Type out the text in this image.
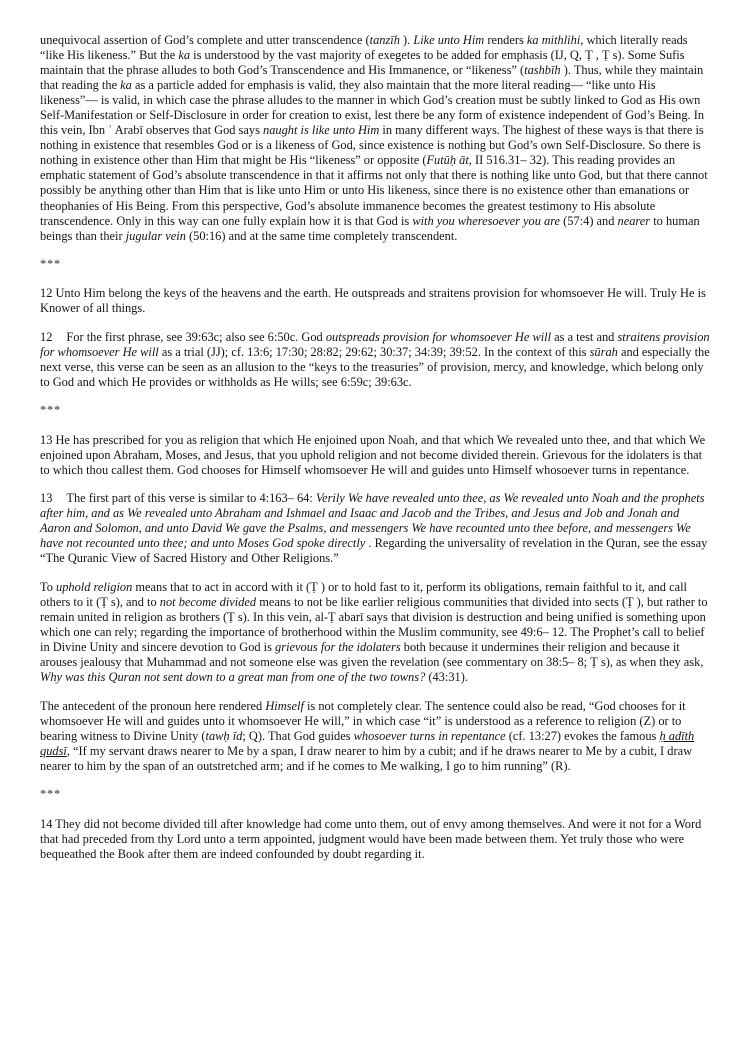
unequivocal assertion of God’s complete and utter transcendence (tanzīh ). Like unto Him renders ka mithlihi, which literally reads “like His likeness.” But the ka is understood by the vast majority of exegetes to be added for emphasis (IJ, Q, Ṭ , Ṭ s). Some Sufis maintain that the phrase alludes to both God’s Transcendence and His Immanence, or “likeness” (tashbīh ). Thus, while they maintain that reading the ka as a particle added for emphasis is valid, they also maintain that the more literal reading— “like unto His likeness”— is valid, in which case the phrase alludes to the manner in which God’s creation must be subtly linked to God as His own Self-Manifestation or Self-Disclosure in order for creation to exist, lest there be any form of existence independent of God’s Being. In this vein, Ibn ʿ Arabī observes that God says naught is like unto Him in many different ways. The highest of these ways is that there is nothing in existence that resembles God or is a likeness of God, since existence is nothing but God’s own Self-Disclosure. So there is nothing in existence other than Him that might be His “likeness” or opposite (Futūḥ āt, II 516.31– 32). This reading provides an emphatic statement of God’s absolute transcendence in that it affirms not only that there is nothing like unto God, but that there cannot possibly be anything other than Him that is like unto Him or unto His likeness, since there is no existence other than emanations or theophanies of His Being. From this perspective, God’s absolute immanence becomes the greatest testimony to His absolute transcendence. Only in this way can one fully explain how it is that God is with you wheresoever you are (57:4) and nearer to human beings than their jugular vein (50:16) and at the same time completely transcendent.
***
12 Unto Him belong the keys of the heavens and the earth. He outspreads and straitens provision for whomsoever He will. Truly He is Knower of all things.
12 For the first phrase, see 39:63c; also see 6:50c. God outspreads provision for whomsoever He will as a test and straitens provision for whomsoever He will as a trial (JJ); cf. 13:6; 17:30; 28:82; 29:62; 30:37; 34:39; 39:52. In the context of this sūrah and especially the next verse, this verse can be seen as an allusion to the “keys to the treasuries” of provision, mercy, and knowledge, which belong only to God and which He provides or withholds as He wills; see 6:59c; 39:63c.
***
13 He has prescribed for you as religion that which He enjoined upon Noah, and that which We revealed unto thee, and that which We enjoined upon Abraham, Moses, and Jesus, that you uphold religion and not become divided therein. Grievous for the idolaters is that to which thou callest them. God chooses for Himself whomsoever He will and guides unto Himself whosoever turns in repentance.
13 The first part of this verse is similar to 4:163– 64: Verily We have revealed unto thee, as We revealed unto Noah and the prophets after him, and as We revealed unto Abraham and Ishmael and Isaac and Jacob and the Tribes, and Jesus and Job and Jonah and Aaron and Solomon, and unto David We gave the Psalms, and messengers We have recounted unto thee before, and messengers We have not recounted unto thee; and unto Moses God spoke directly . Regarding the universality of revelation in the Quran, see the essay “The Quranic View of Sacred History and Other Religions.”
To uphold religion means that to act in accord with it (Ṭ ) or to hold fast to it, perform its obligations, remain faithful to it, and call others to it (Ṭ s), and to not become divided means to not be like earlier religious communities that divided into sects (Ṭ ), but rather to remain united in religion as brothers (Ṭ s). In this vein, al-Ṭ abarī says that division is destruction and being unified is something upon which one can rely; regarding the importance of brotherhood within the Muslim community, see 49:6– 12. The Prophet’s call to belief in Divine Unity and sincere devotion to God is grievous for the idolaters both because it undermines their religion and because it arouses jealousy that Muhammad and not someone else was given the revelation (see commentary on 38:5– 8; Ṭ s), as when they ask, Why was this Quran not sent down to a great man from one of the two towns? (43:31).
The antecedent of the pronoun here rendered Himself is not completely clear. The sentence could also be read, “God chooses for it whomsoever He will and guides unto it whomsoever He will,” in which case “it” is understood as a reference to religion (Z) or to bearing witness to Divine Unity (tawḥ īd; Q). That God guides whosoever turns in repentance (cf. 13:27) evokes the famous ḥ adīth qudsī, “If my servant draws nearer to Me by a span, I draw nearer to him by a cubit; and if he draws nearer to Me by a cubit, I draw nearer to him by the span of an outstretched arm; and if he comes to Me walking, I go to him running” (R).
***
14 They did not become divided till after knowledge had come unto them, out of envy among themselves. And were it not for a Word that had preceded from thy Lord unto a term appointed, judgment would have been made between them. Yet truly those who were bequeathed the Book after them are indeed confounded by doubt regarding it.
